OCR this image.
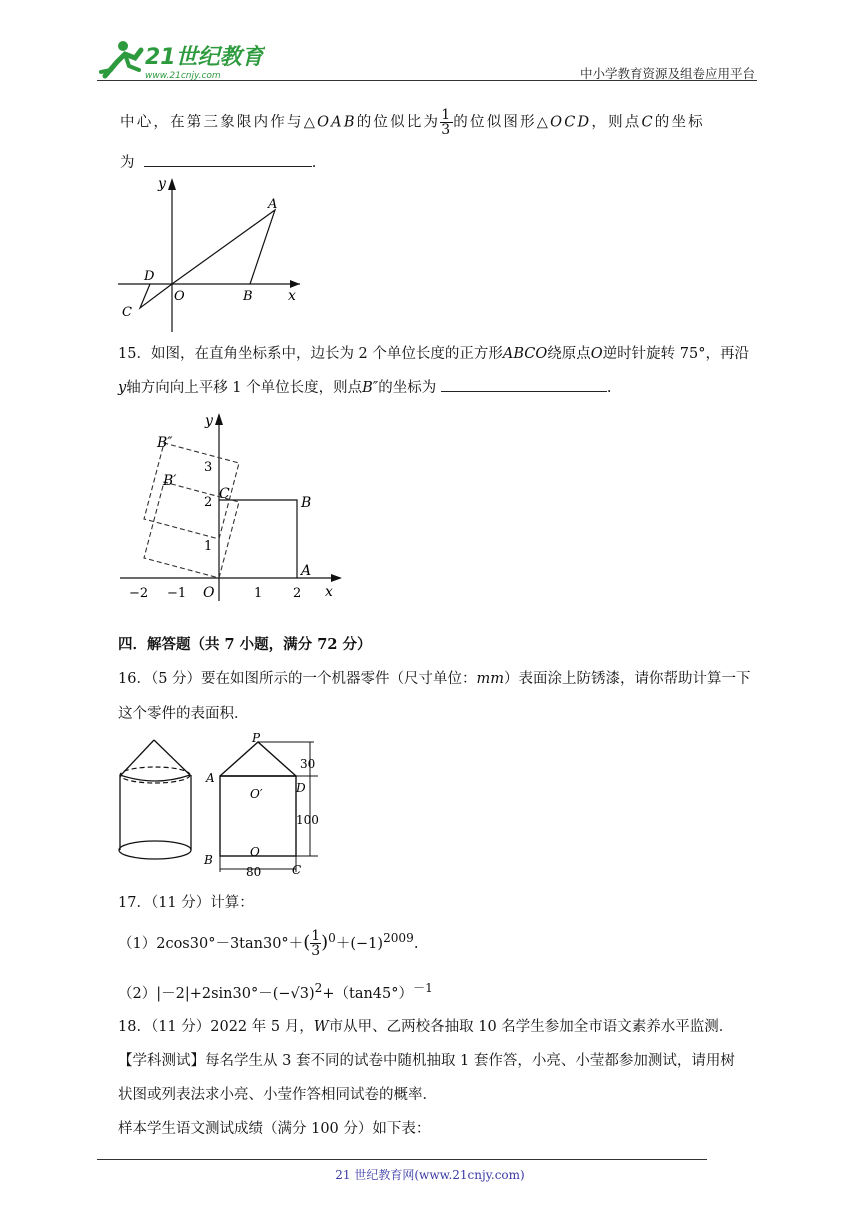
21世纪教育
www.21cnjy.com	中小学教育资源及组卷应用平台
中心，在第三象限内作与△OAB的位似比为 $\frac{1}{3}$ 的位似图形△OCD，则点C的坐标
为	.
y
x
A
B
O
C
D
15．如图，在直角坐标系中，边长为 2 个单位长度的正方形ABCO绕原点O逆时针旋转 75°，再沿
y轴方向向上平移 1 个单位长度，则点B″的坐标为	.
y
x
B″
B′
C
B
A
O
3
2
1
−2 −1	1 2
四．解答题（共 7 小题，满分 72 分）
16．（5 分）要在如图所示的一个机器零件（尺寸单位：mm）表面涂上防锈漆，请你帮助计算一下
这个零件的表面积．
P
A
D
O′
O
B
C
30
100
80
17．（11 分）计算：
$(1)2\cos 30^\circ-3\tan 30^\circ+( \frac{1}{3} )^0+(-1)^{2009}$.
$(2)|-2|+2\sin 30^\circ-(-√3)^2+(\tan 45^\circ)^{-1}$
18．（11 分）2022 年 5 月，W市从甲、乙两校各抽取 10 名学生参加全市语文素养水平监测．
【学科测试】每名学生从 3 套不同的试卷中随机抽取 1 套作答，小亮、小莹都参加测试，请用树
状图或列表法求小亮、小莹作答相同试卷的概率．
样本学生语文测试成绩（满分 100 分）如下表：
21 世纪教育网(www.21cnjy.com)
